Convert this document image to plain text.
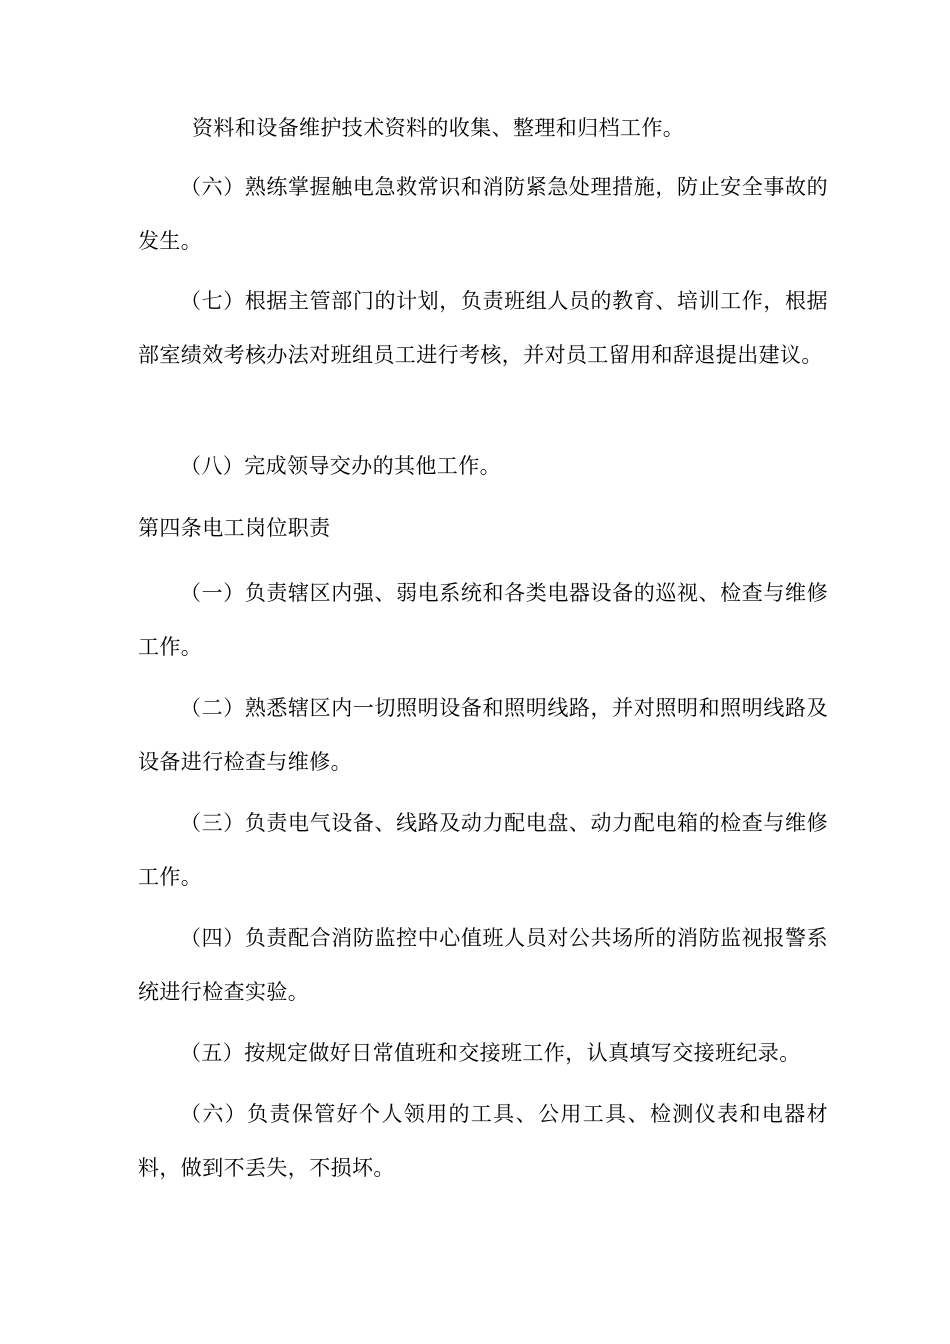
资料和设备维护技术资料的收集、整理和归档工作。

（六）熟练掌握触电急救常识和消防紧急处理措施，防止安全事故的发生。

（七）根据主管部门的计划，负责班组人员的教育、培训工作，根据部室绩效考核办法对班组员工进行考核，并对员工留用和辞退提出建议。

（八）完成领导交办的其他工作。

第四条电工岗位职责

（一）负责辖区内强、弱电系统和各类电器设备的巡视、检查与维修工作。

（二）熟悉辖区内一切照明设备和照明线路，并对照明和照明线路及设备进行检查与维修。

（三）负责电气设备、线路及动力配电盘、动力配电箱的检查与维修工作。

（四）负责配合消防监控中心值班人员对公共场所的消防监视报警系统进行检查实验。

（五）按规定做好日常值班和交接班工作，认真填写交接班纪录。

（六）负责保管好个人领用的工具、公用工具、检测仪表和电器材料，做到不丢失，不损坏。
